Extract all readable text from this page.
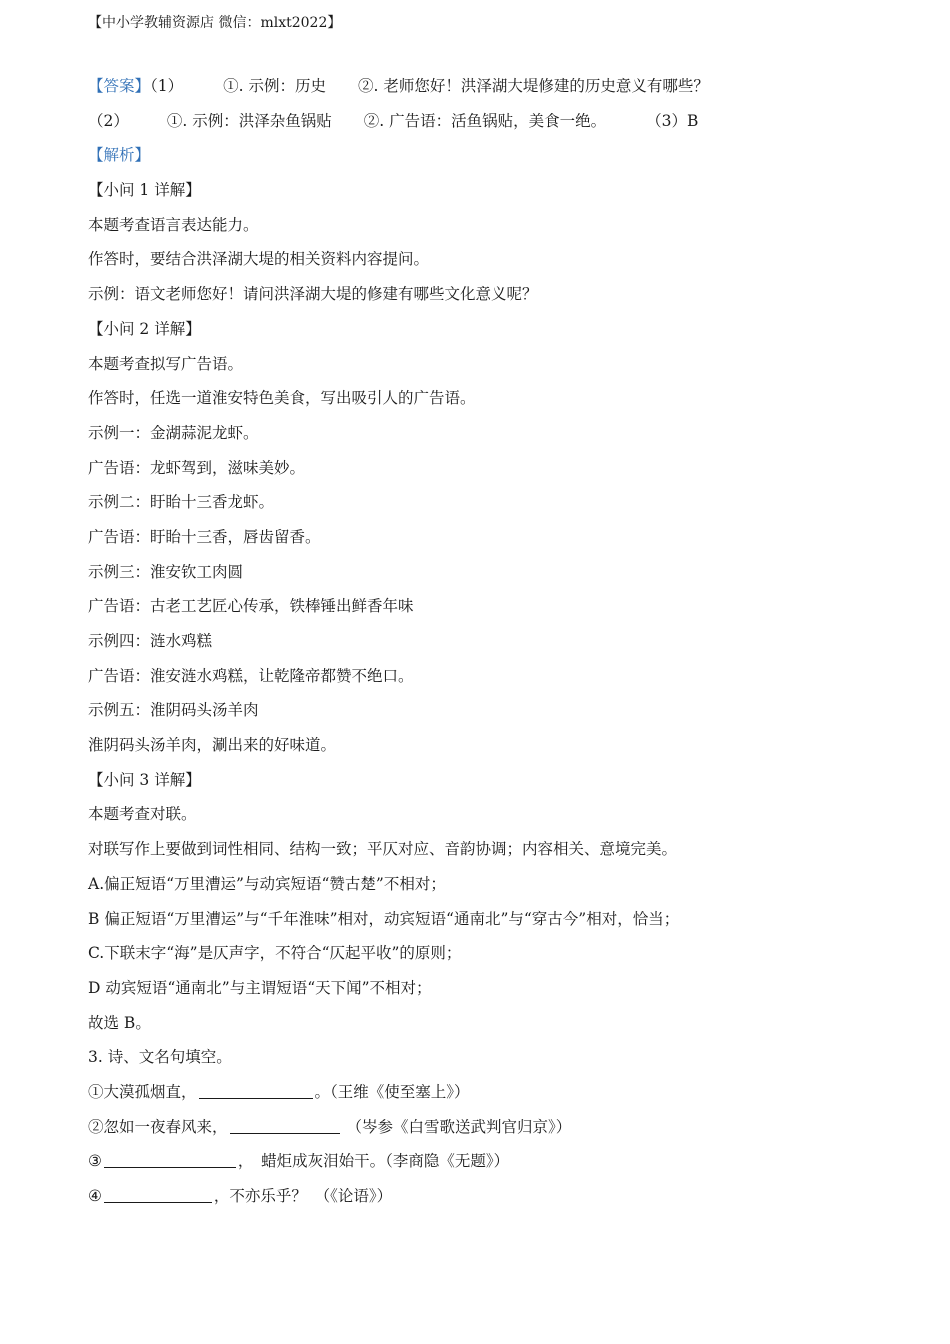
【中小学教辅资源店 微信：mlxt2022】
【答案】（1）	①. 示例：历史 ②. 老师您好！洪泽湖大堤修建的历史意义有哪些？
（2） ①. 示例：洪泽杂鱼锅贴 ②. 广告语：活鱼锅贴，美食一绝。	（3）B
【解析】
【小问 1 详解】
本题考查语言表达能力。
作答时，要结合洪泽湖大堤的相关资料内容提问。
示例：语文老师您好！请问洪泽湖大堤的修建有哪些文化意义呢？
【小问 2 详解】
本题考查拟写广告语。
作答时，任选一道淮安特色美食，写出吸引人的广告语。
示例一：金湖蒜泥龙虾。
广告语：龙虾驾到，滋味美妙。
示例二：盱眙十三香龙虾。
广告语：盱眙十三香，唇齿留香。
示例三：淮安钦工肉圆
广告语：古老工艺匠心传承，铁棒锤出鲜香年味
示例四：涟水鸡糕
广告语：淮安涟水鸡糕，让乾隆帝都赞不绝口。
示例五：淮阴码头汤羊肉
淮阴码头汤羊肉，涮出来的好味道。
【小问 3 详解】
本题考查对联。
对联写作上要做到词性相同、结构一致；平仄对应、音韵协调；内容相关、意境完美。
A.偏正短语“万里漕运”与动宾短语“赞古楚”不相对；
B 偏正短语“万里漕运”与“千年淮味”相对，动宾短语“通南北”与“穿古今”相对，恰当；
C.下联末字“海”是仄声字，不符合“仄起平收”的原则；
D 动宾短语“通南北”与主谓短语“天下闻”不相对；
故选 B。
3. 诗、文名句填空。
①大漠孤烟直，	。（王维《使至塞上》）
②忽如一夜春风来，	（岑参《白雪歌送武判官归京》）
③	，　蜡炬成灰泪始干。（李商隐《无题》）
④	，不亦乐乎？　（《论语》）
